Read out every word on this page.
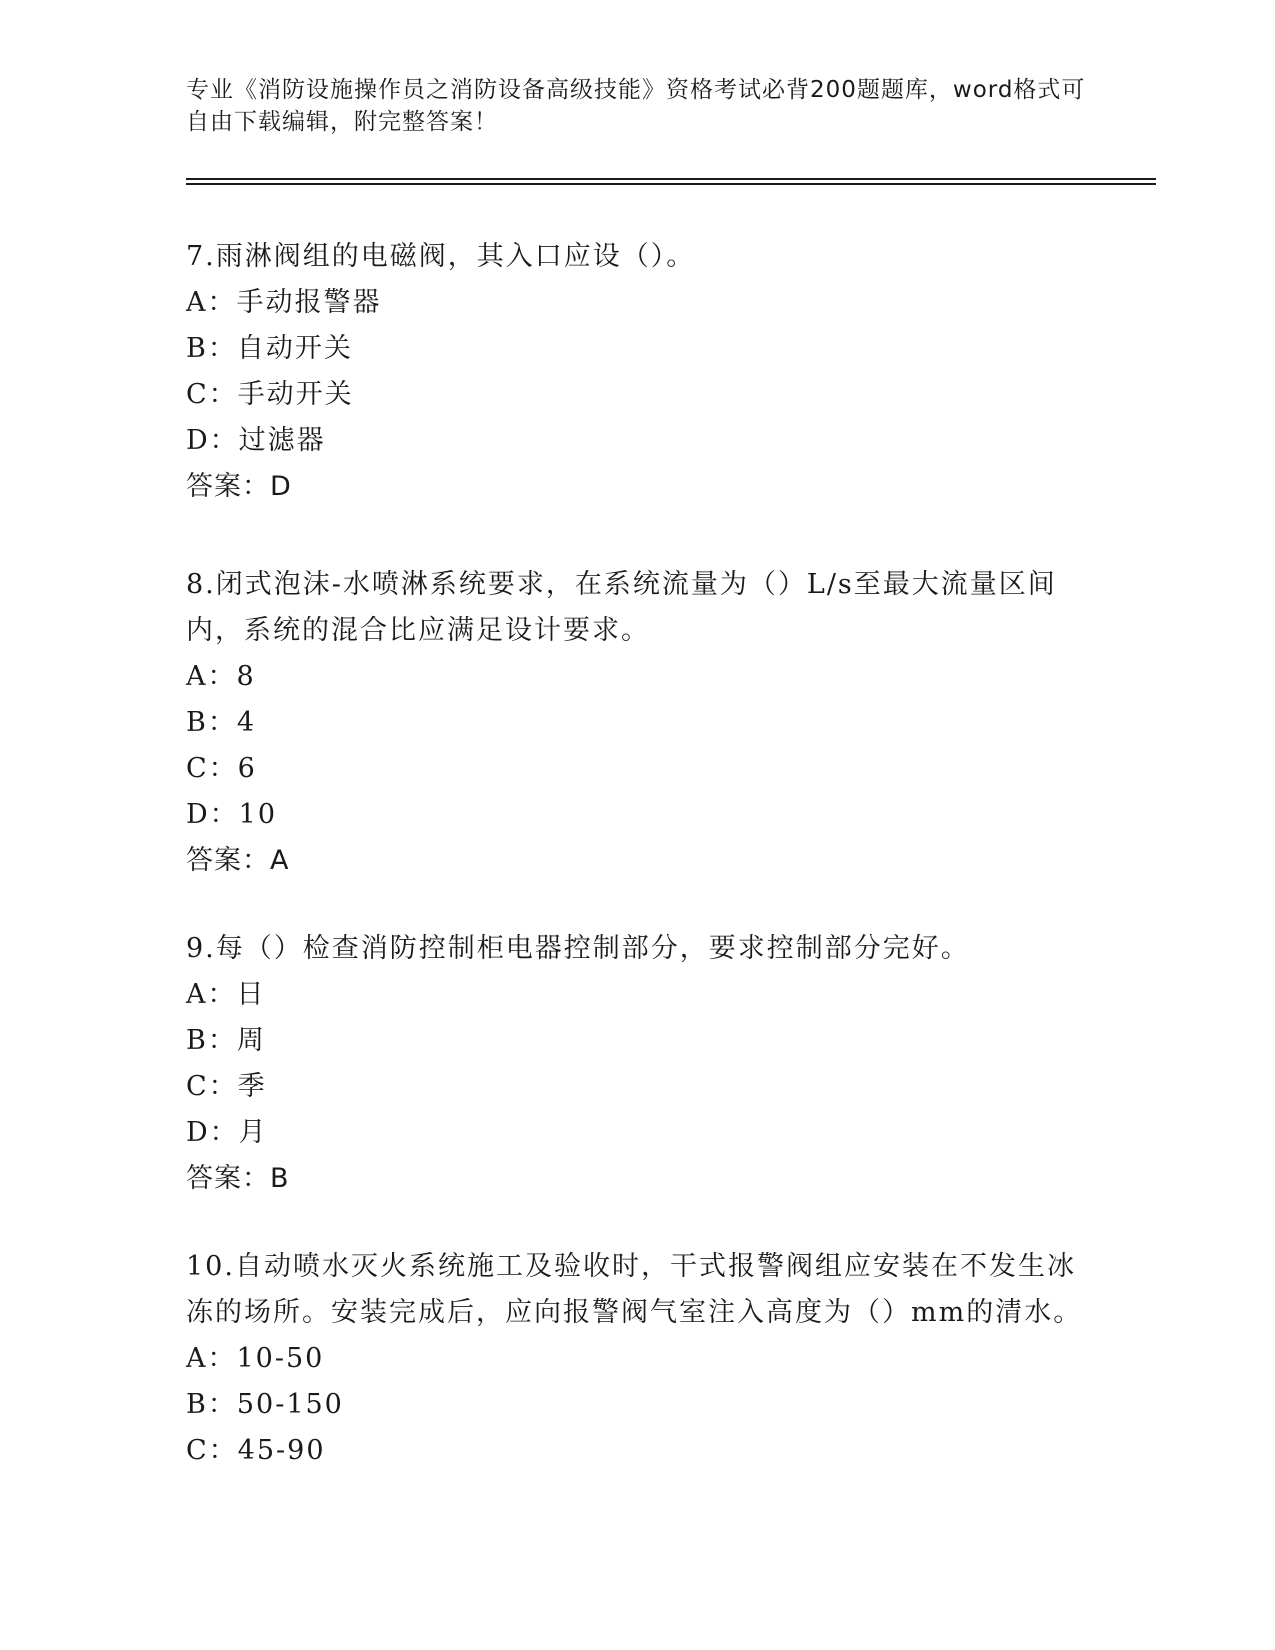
专业《消防设施操作员之消防设备高级技能》资格考试必背200题题库，word格式可自由下载编辑，附完整答案！
7.雨淋阀组的电磁阀，其入口应设（）。
A：手动报警器
B：自动开关
C：手动开关
D：过滤器
答案：D
8.闭式泡沫-水喷淋系统要求，在系统流量为（）L/s至最大流量区间内，系统的混合比应满足设计要求。
A：8
B：4
C：6
D：10
答案：A
9.每（）检查消防控制柜电器控制部分，要求控制部分完好。
A：日
B：周
C：季
D：月
答案：B
10.自动喷水灭火系统施工及验收时，干式报警阀组应安装在不发生冰冻的场所。安装完成后，应向报警阀气室注入高度为（）mm的清水。
A：10-50
B：50-150
C：45-90
